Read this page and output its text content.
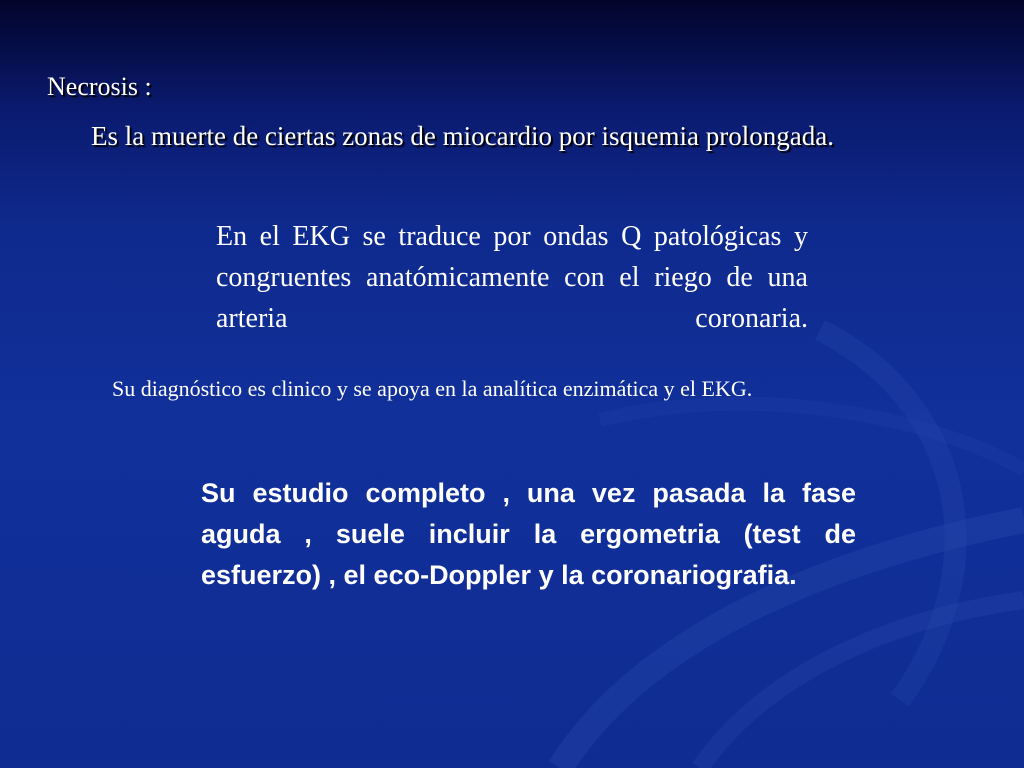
Necrosis :
Es la muerte de ciertas zonas de miocardio por isquemia prolongada.
En el EKG se traduce por ondas Q patológicas y congruentes anatómicamente con el riego de una arteria coronaria.
Su diagnóstico es clinico y se apoya en la analítica enzimática y el EKG.
Su estudio completo , una vez pasada la fase aguda , suele incluir la ergometria (test de esfuerzo) , el eco-Doppler y la coronariografia.
